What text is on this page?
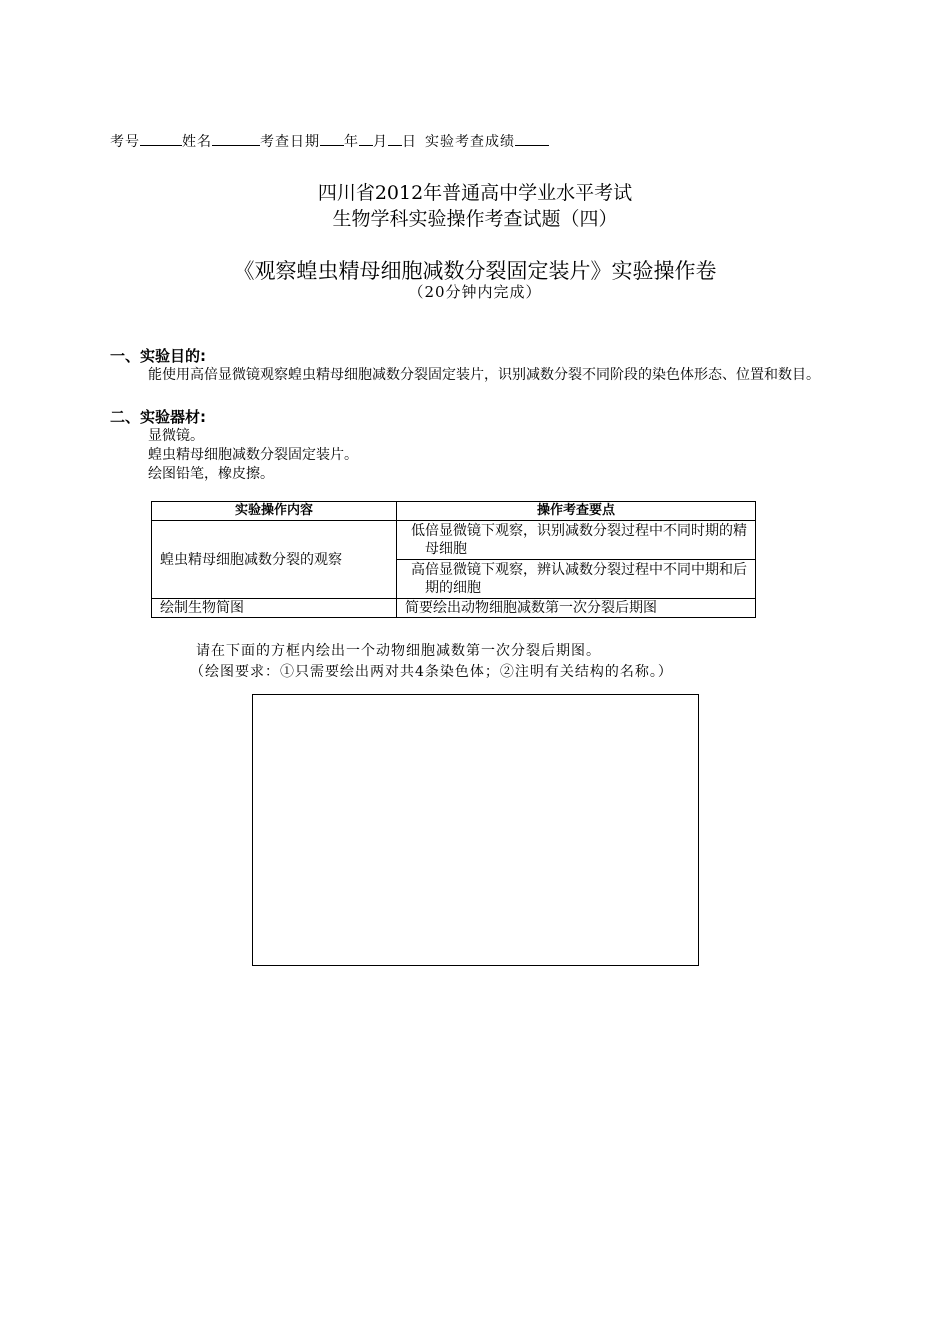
考号	姓名	考查日期 年 月 日 实验考查成绩
四川省2012年普通高中学业水平考试
生物学科实验操作考查试题（四）
《观察蝗虫精母细胞减数分裂固定装片》实验操作卷
（20分钟内完成）
一、实验目的:
能使用高倍显微镜观察蝗虫精母细胞减数分裂固定装片，识别减数分裂不同阶段的染色体形态、位置和数目。
二、实验器材:
显微镜。
蝗虫精母细胞减数分裂固定装片。
绘图铅笔，橡皮擦。
实验操作内容	操作考查要点
蝗虫精母细胞减数分裂的观察	低倍显微镜下观察，识别减数分裂过程中不同时期的精母细胞
	高倍显微镜下观察，辨认减数分裂过程中不同中期和后期的细胞
绘制生物简图	简要绘出动物细胞减数第一次分裂后期图
请在下面的方框内绘出一个动物细胞减数第一次分裂后期图。
（绘图要求：①只需要绘出两对共4条染色体；②注明有关结构的名称。）
